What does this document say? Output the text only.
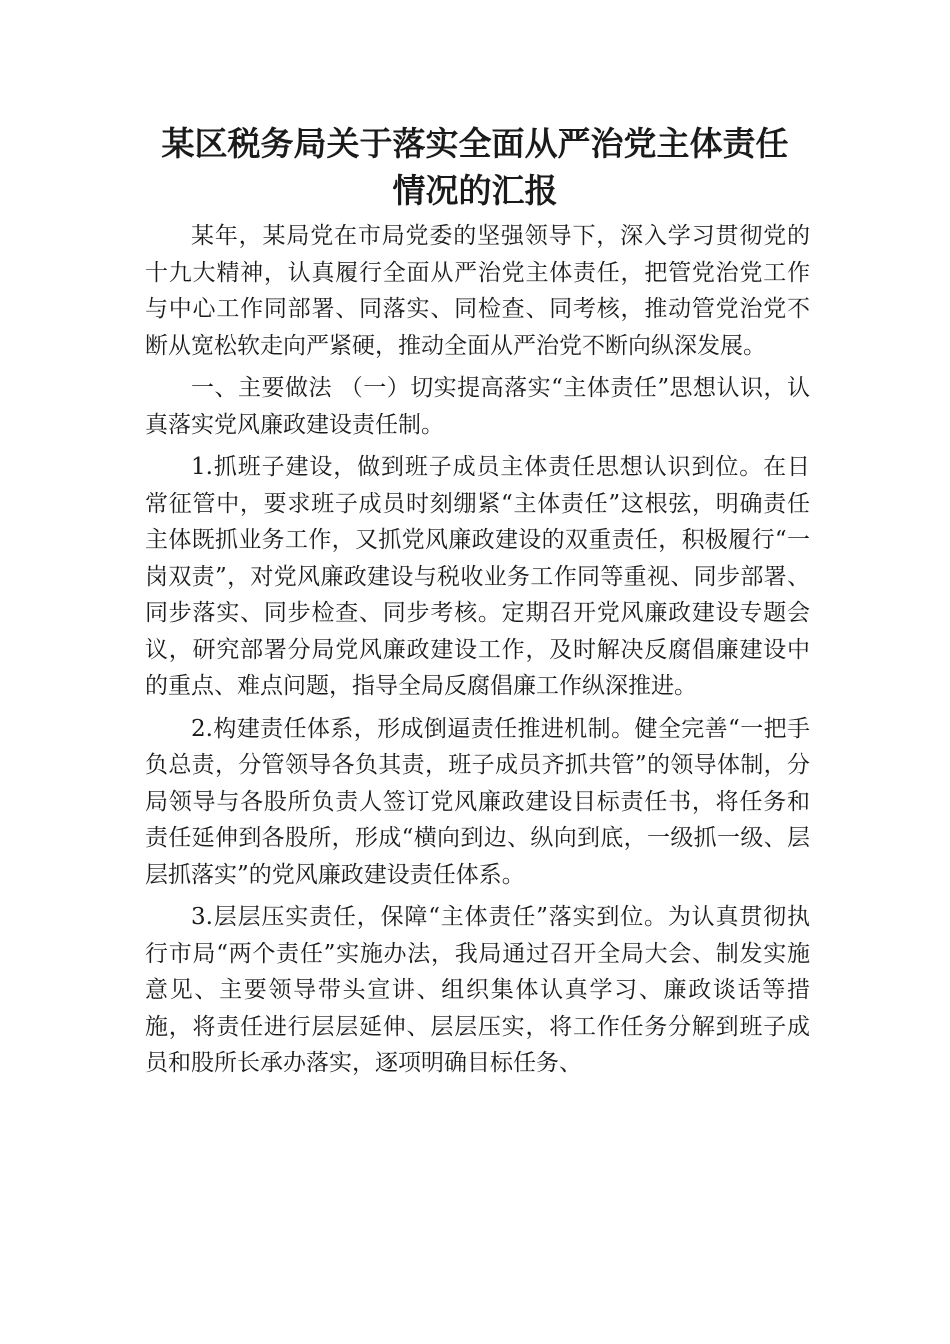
某区税务局关于落实全面从严治党主体责任
情况的汇报

某年，某局党在市局党委的坚强领导下，深入学习贯彻党的十九大精神，认真履行全面从严治党主体责任，把管党治党工作与中心工作同部署、同落实、同检查、同考核，推动管党治党不断从宽松软走向严紧硬，推动全面从严治党不断向纵深发展。

一、主要做法 （一）切实提高落实“主体责任”思想认识，认真落实党风廉政建设责任制。

1.抓班子建设，做到班子成员主体责任思想认识到位。在日常征管中，要求班子成员时刻绷紧“主体责任”这根弦，明确责任主体既抓业务工作，又抓党风廉政建设的双重责任，积极履行“一岗双责”，对党风廉政建设与税收业务工作同等重视、同步部署、同步落实、同步检查、同步考核。定期召开党风廉政建设专题会议，研究部署分局党风廉政建设工作，及时解决反腐倡廉建设中的重点、难点问题，指导全局反腐倡廉工作纵深推进。

2.构建责任体系，形成倒逼责任推进机制。健全完善“一把手负总责，分管领导各负其责，班子成员齐抓共管”的领导体制，分局领导与各股所负责人签订党风廉政建设目标责任书，将任务和责任延伸到各股所，形成“横向到边、纵向到底，一级抓一级、层层抓落实”的党风廉政建设责任体系。

3.层层压实责任，保障“主体责任”落实到位。为认真贯彻执行市局“两个责任”实施办法，我局通过召开全局大会、制发实施意见、主要领导带头宣讲、组织集体认真学习、廉政谈话等措施，将责任进行层层延伸、层层压实，将工作任务分解到班子成员和股所长承办落实，逐项明确目标任务、
